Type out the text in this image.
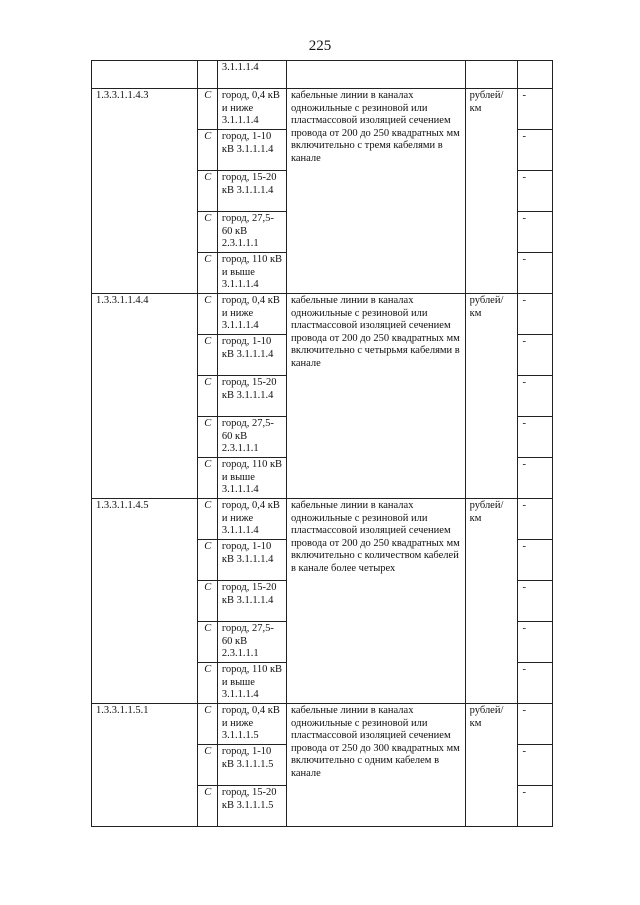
225
		3.1.1.1.4			
1.3.3.1.1.4.3	С	город, 0,4 кВ и ниже 3.1.1.1.4	кабельные линии в каналах одножильные с резиновой или пластмассовой изоляцией сечением провода от 200 до 250 квадратных мм включительно с тремя кабелями в канале	рублей/ км	-
	С	город, 1-10 кВ 3.1.1.1.4			-
	С	город, 15-20 кВ 3.1.1.1.4			-
	С	город, 27,5-60 кВ 2.3.1.1.1			-
	С	город, 110 кВ и выше 3.1.1.1.4			-
1.3.3.1.1.4.4	С	город, 0,4 кВ и ниже 3.1.1.1.4	кабельные линии в каналах одножильные с резиновой или пластмассовой изоляцией сечением провода от 200 до 250 квадратных мм включительно с четырьмя кабелями в канале	рублей/ км	-
	С	город, 1-10 кВ 3.1.1.1.4			-
	С	город, 15-20 кВ 3.1.1.1.4			-
	С	город, 27,5-60 кВ 2.3.1.1.1			-
	С	город, 110 кВ и выше 3.1.1.1.4			-
1.3.3.1.1.4.5	С	город, 0,4 кВ и ниже 3.1.1.1.4	кабельные линии в каналах одножильные с резиновой или пластмассовой изоляцией сечением провода от 200 до 250 квадратных мм включительно с количеством кабелей в канале более четырех	рублей/ км	-
	С	город, 1-10 кВ 3.1.1.1.4			-
	С	город, 15-20 кВ 3.1.1.1.4			-
	С	город, 27,5-60 кВ 2.3.1.1.1			-
	С	город, 110 кВ и выше 3.1.1.1.4			-
1.3.3.1.1.5.1	С	город, 0,4 кВ и ниже 3.1.1.1.5	кабельные линии в каналах одножильные с резиновой или пластмассовой изоляцией сечением провода от 250 до 300 квадратных мм включительно с одним кабелем в канале	рублей/ км	-
	С	город, 1-10 кВ 3.1.1.1.5			-
	С	город, 15-20 кВ 3.1.1.1.5			-
